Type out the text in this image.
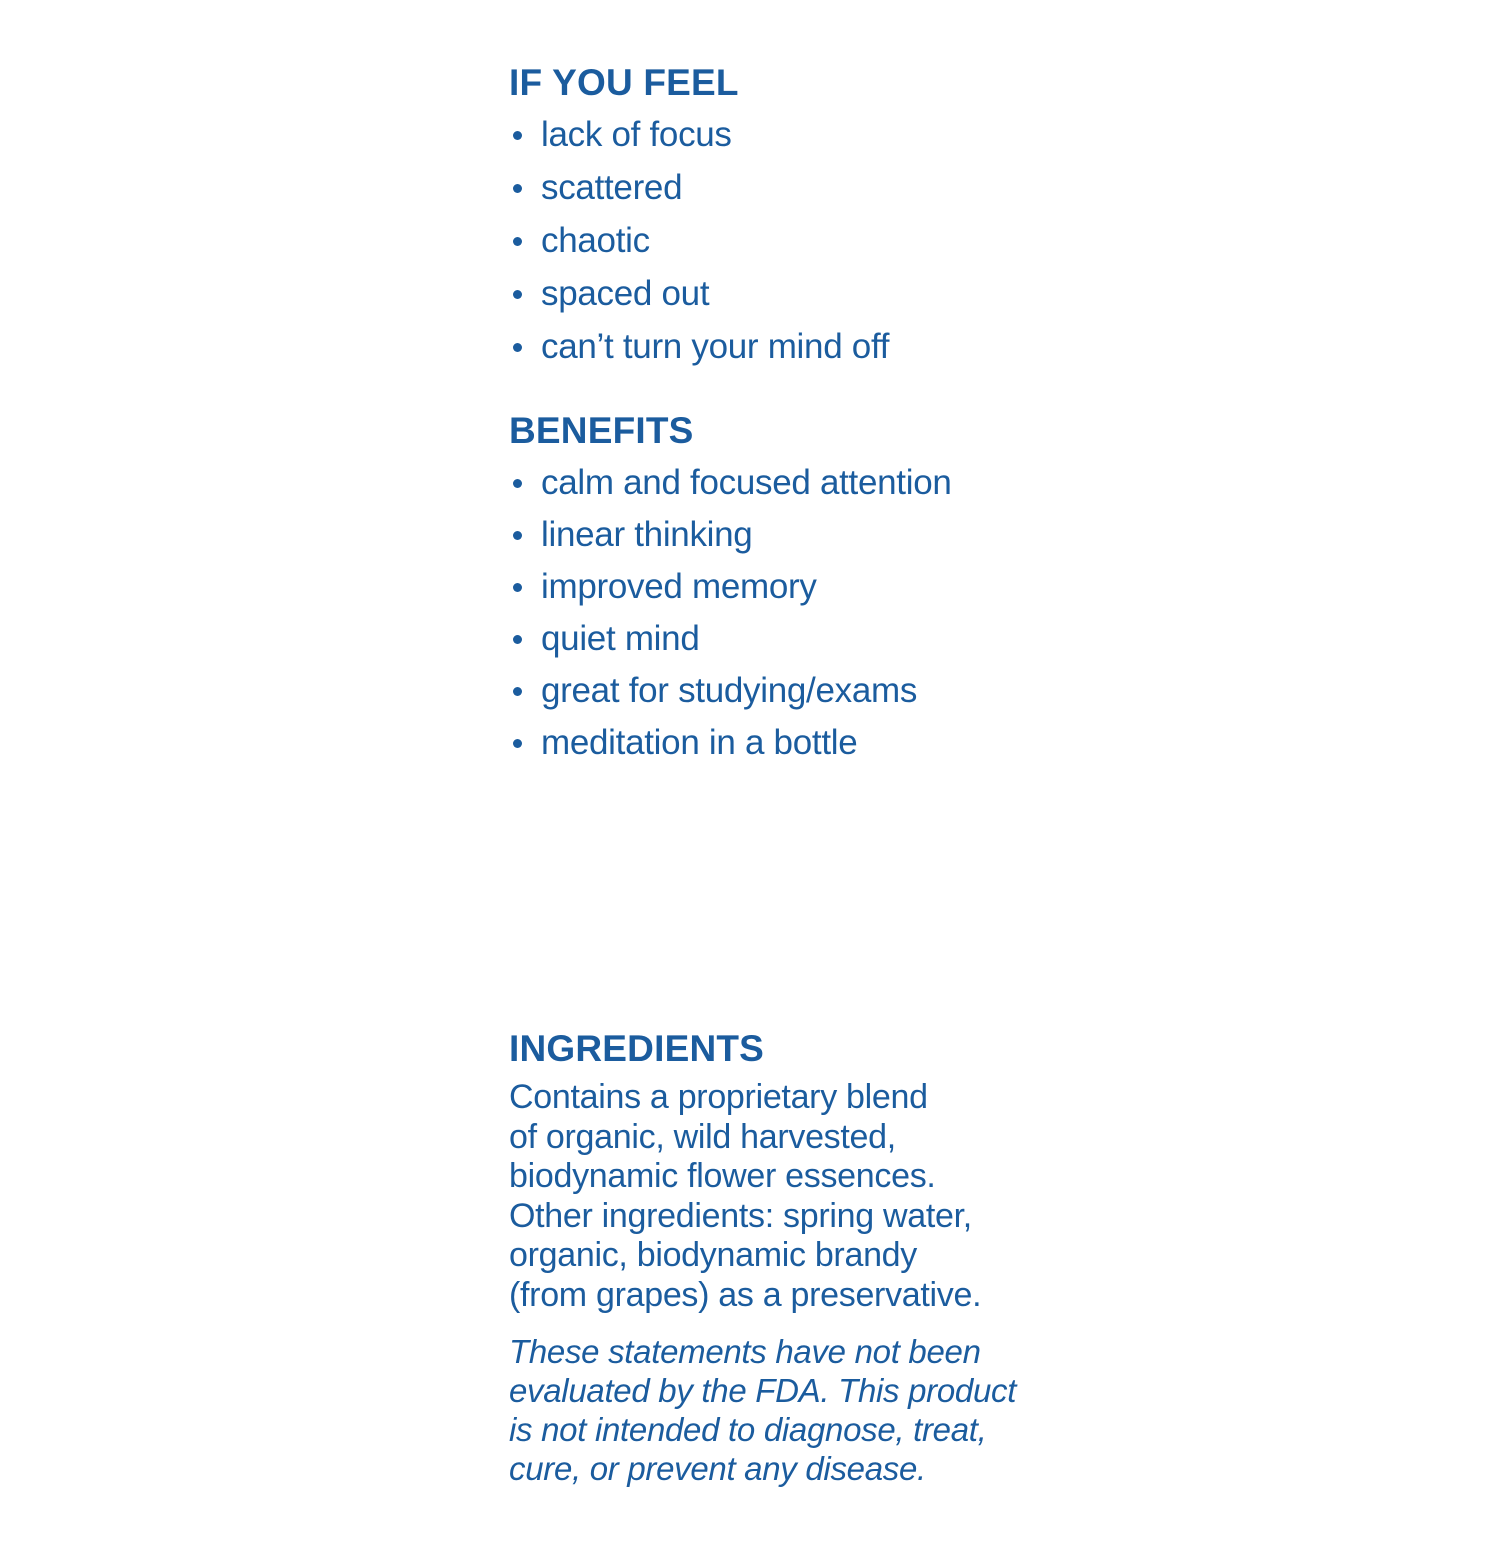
IF YOU FEEL
lack of focus
scattered
chaotic
spaced out
can’t turn your mind off
BENEFITS
calm and focused attention
linear thinking
improved memory
quiet mind
great for studying/exams
meditation in a bottle
INGREDIENTS
Contains a proprietary blend
of organic, wild harvested,
biodynamic flower essences.
Other ingredients: spring water,
organic, biodynamic brandy
(from grapes) as a preservative.
These statements have not been
evaluated by the FDA. This product
is not intended to diagnose, treat,
cure, or prevent any disease.
